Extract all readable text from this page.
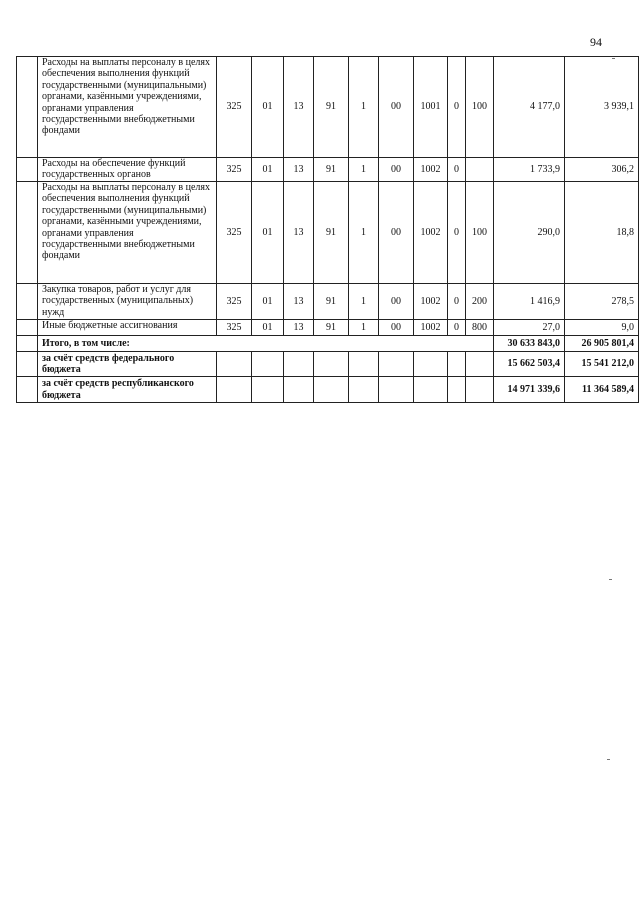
94
	Расходы на выплаты персоналу в целях обеспечения выполнения функций государственными (муниципальными) органами, казёнными учреждениями, органами управления государственными внебюджетными фондами	325	01	13	91	1	00	1001	0	100	4 177,0	3 939,1
	Расходы на обеспечение функций государственных органов	325	01	13	91	1	00	1002	0		1 733,9	306,2
	Расходы на выплаты персоналу в целях обеспечения выполнения функций государственными (муниципальными) органами, казёнными учреждениями, органами управления государственными внебюджетными фондами	325	01	13	91	1	00	1002	0	100	290,0	18,8
	Закупка товаров, работ и услуг для государственных (муниципальных) нужд	325	01	13	91	1	00	1002	0	200	1 416,9	278,5
	Иные бюджетные ассигнования	325	01	13	91	1	00	1002	0	800	27,0	9,0
	Итого, в том числе:										30 633 843,0	26 905 801,4
	за счёт средств федерального бюджета										15 662 503,4	15 541 212,0
	за счёт средств республиканского бюджета										14 971 339,6	11 364 589,4
